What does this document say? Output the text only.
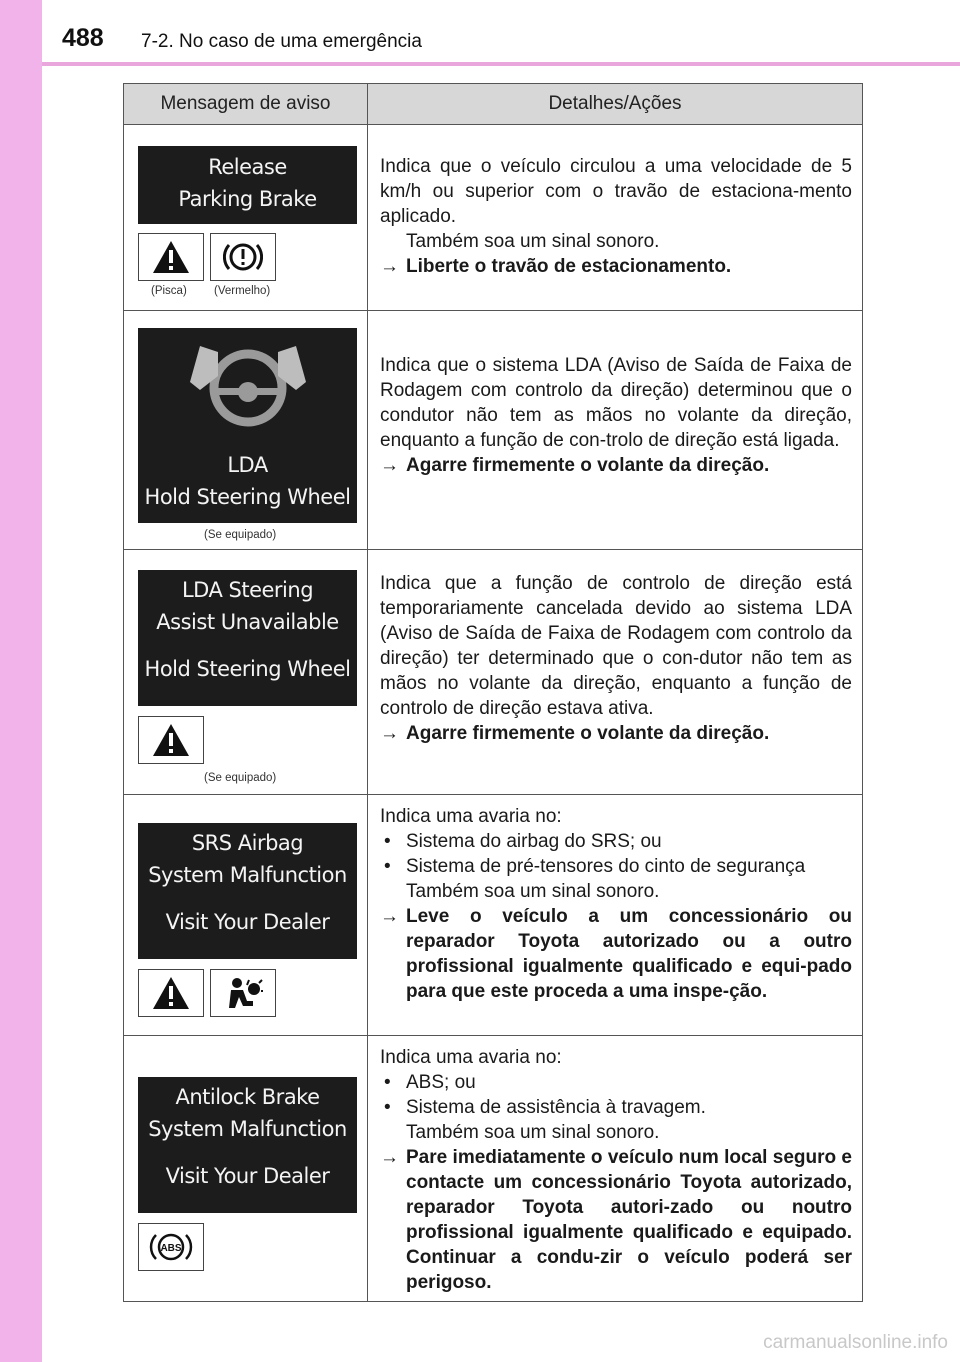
488 7-2. No caso de uma emergência
Mensagem de aviso	Detalhes/Ações
Release
Parking Brake
(Pisca) (Vermelho)

Indica que o veículo circulou a uma velocidade de 5 km/h ou superior com o travão de estaciona-mento aplicado.

Também soa um sinal sonoro.

→ Liberte o travão de estacionamento.
LDA
Hold Steering Wheel
(Se equipado)

Indica que o sistema LDA (Aviso de Saída de Faixa de Rodagem com controlo da direção) determinou que o condutor não tem as mãos no volante da direção, enquanto a função de con-trolo de direção está ligada.

→ Agarre firmemente o volante da direção.
LDA Steering
Assist Unavailable
Hold Steering Wheel
(Se equipado)

Indica que a função de controlo de direção está temporariamente cancelada devido ao sistema LDA (Aviso de Saída de Faixa de Rodagem com controlo da direção) ter determinado que o con-dutor não tem as mãos no volante da direção, enquanto a função de controlo de direção estava ativa.

→ Agarre firmemente o volante da direção.
SRS Airbag
System Malfunction
Visit Your Dealer

Indica uma avaria no:

• Sistema do airbag do SRS; ou
• Sistema de pré-tensores do cinto de segurança

Também soa um sinal sonoro.

→ Leve o veículo a um concessionário ou reparador Toyota autorizado ou a outro profissional igualmente qualificado e equi-pado para que este proceda a uma inspe-ção.
Antilock Brake
System Malfunction
Visit Your Dealer
ABS

Indica uma avaria no:

• ABS; ou
• Sistema de assistência à travagem.

Também soa um sinal sonoro.

→ Pare imediatamente o veículo num local seguro e contacte um concessionário Toyota autorizado, reparador Toyota autori-zado ou noutro profissional igualmente qualificado e equipado. Continuar a condu-zir o veículo poderá ser perigoso.
carmanualsonline.info
